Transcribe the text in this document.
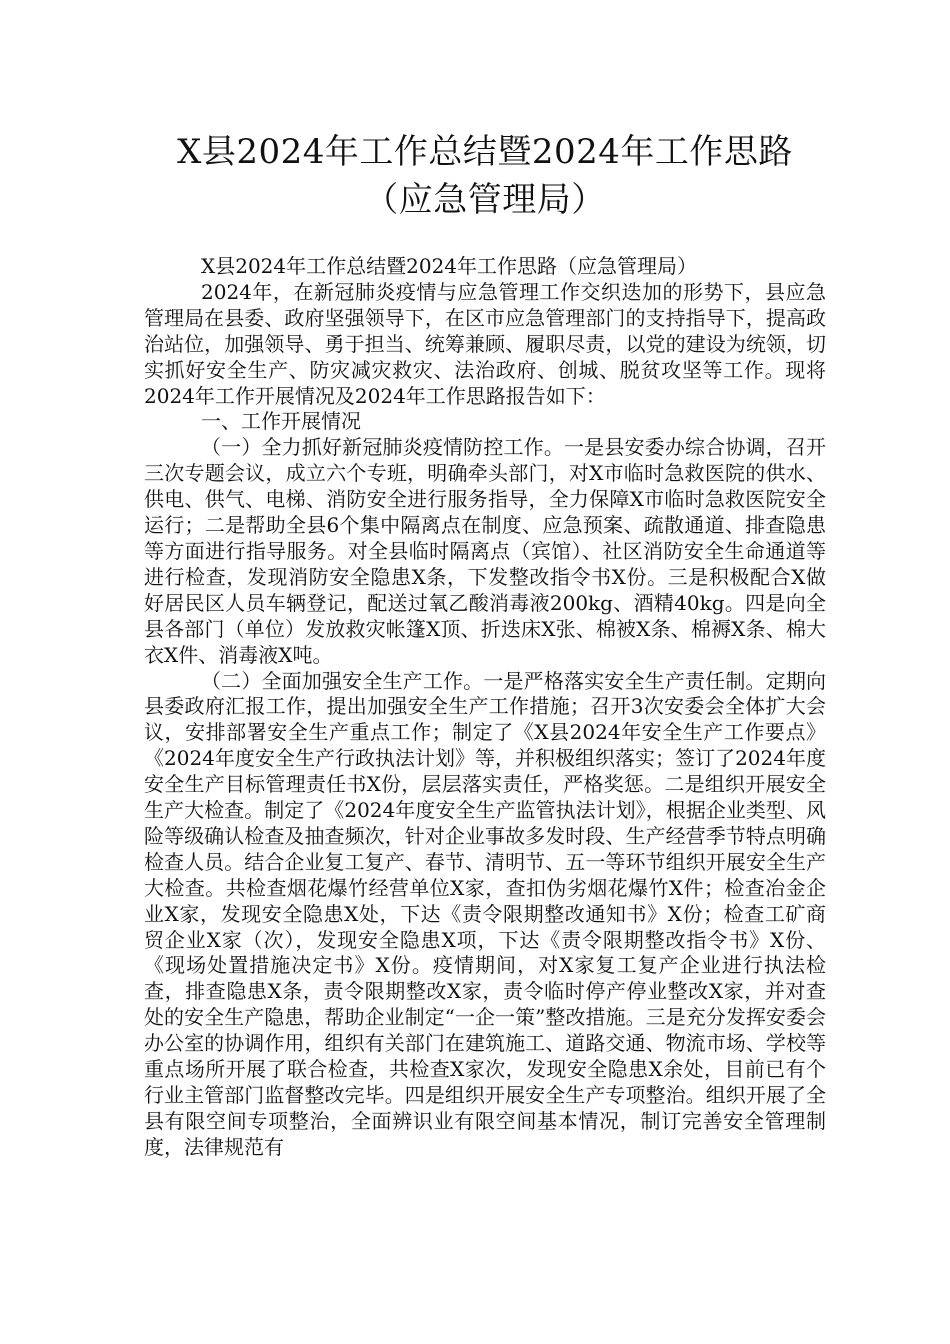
X县2024年工作总结暨2024年工作思路
（应急管理局）

X县2024年工作总结暨2024年工作思路（应急管理局）

2024年，在新冠肺炎疫情与应急管理工作交织迭加的形势下，县应急管理局在县委、政府坚强领导下，在区市应急管理部门的支持指导下，提高政治站位，加强领导、勇于担当、统筹兼顾、履职尽责，以党的建设为统领，切实抓好安全生产、防灾减灾救灾、法治政府、创城、脱贫攻坚等工作。现将2024年工作开展情况及2024年工作思路报告如下：

一、工作开展情况

（一）全力抓好新冠肺炎疫情防控工作。一是县安委办综合协调，召开三次专题会议，成立六个专班，明确牵头部门，对X市临时急救医院的供水、供电、供气、电梯、消防安全进行服务指导，全力保障X市临时急救医院安全运行；二是帮助全县6个集中隔离点在制度、应急预案、疏散通道、排查隐患等方面进行指导服务。对全县临时隔离点（宾馆）、社区消防安全生命通道等进行检查，发现消防安全隐患X条，下发整改指令书X份。三是积极配合X做好居民区人员车辆登记，配送过氧乙酸消毒液200kg、酒精40kg。四是向全县各部门（单位）发放救灾帐篷X顶、折迭床X张、棉被X条、棉褥X条、棉大衣X件、消毒液X吨。

（二）全面加强安全生产工作。一是严格落实安全生产责任制。定期向县委政府汇报工作，提出加强安全生产工作措施；召开3次安委会全体扩大会议，安排部署安全生产重点工作；制定了《X县2024年安全生产工作要点》《2024年度安全生产行政执法计划》等，并积极组织落实；签订了2024年度安全生产目标管理责任书X份，层层落实责任，严格奖惩。二是组织开展安全生产大检查。制定了《2024年度安全生产监管执法计划》，根据企业类型、风险等级确认检查及抽查频次，针对企业事故多发时段、生产经营季节特点明确检查人员。结合企业复工复产、春节、清明节、五一等环节组织开展安全生产大检查。共检查烟花爆竹经营单位X家，查扣伪劣烟花爆竹X件；检查冶金企业X家，发现安全隐患X处，下达《责令限期整改通知书》X份；检查工矿商贸企业X家（次），发现安全隐患X项，下达《责令限期整改指令书》X份、《现场处置措施决定书》X份。疫情期间，对X家复工复产企业进行执法检查，排查隐患X条，责令限期整改X家，责令临时停产停业整改X家，并对查处的安全生产隐患，帮助企业制定“一企一策”整改措施。三是充分发挥安委会办公室的协调作用，组织有关部门在建筑施工、道路交通、物流市场、学校等重点场所开展了联合检查，共检查X家次，发现安全隐患X余处，目前已有个行业主管部门监督整改完毕。四是组织开展安全生产专项整治。组织开展了全县有限空间专项整治，全面辨识业有限空间基本情况，制订完善安全管理制度，法律规范有
